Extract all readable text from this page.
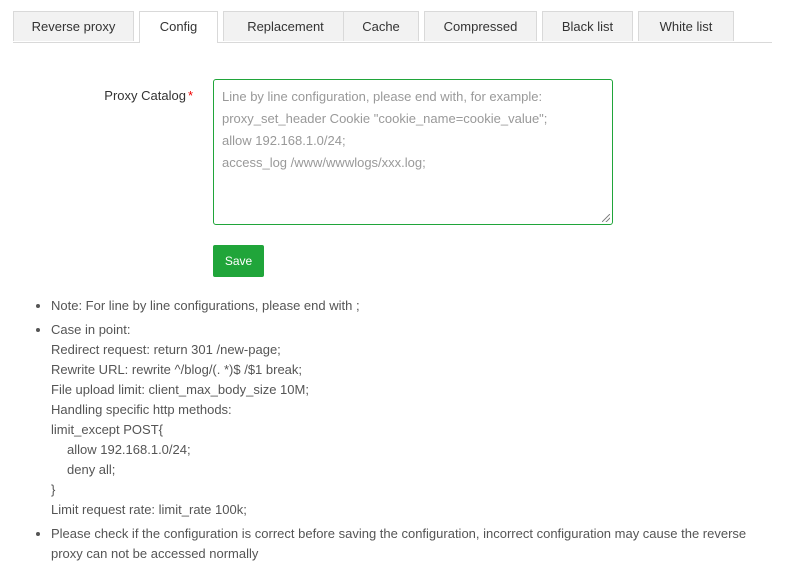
Reverse proxy	Config	Replacement	Cache	Compressed	Black list	White list
Proxy Catalog * Line by line configuration, please end with, for example:
proxy_set_header Cookie "cookie_name=cookie_value";
allow 192.168.1.0/24;
access_log /www/wwwlogs/xxx.log;
Save
Note: For line by line configurations, please end with ;
Case in point:
Redirect request: return 301 /new-page;
Rewrite URL: rewrite ^/blog/(. *)$ /$1 break;
File upload limit: client_max_body_size 10M;
Handling specific http methods:
limit_except POST{
allow 192.168.1.0/24;
deny all;
}
Limit request rate: limit_rate 100k;
Please check if the configuration is correct before saving the configuration, incorrect configuration may cause the reverse proxy can not be accessed normally
